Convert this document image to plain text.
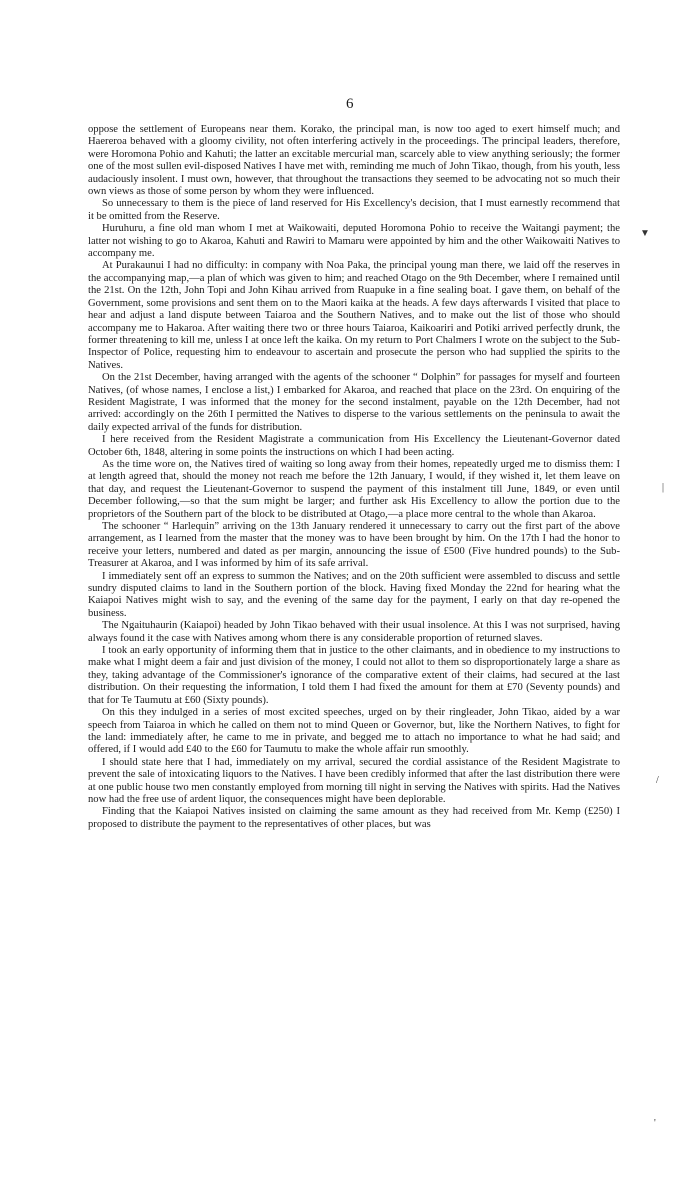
6

oppose the settlement of Europeans near them. Korako, the principal man, is now too aged to exert himself much; and Haereroa behaved with a gloomy civility, not often interfering actively in the proceedings. The principal leaders, therefore, were Horomona Pohio and Kahuti; the latter an excitable mercurial man, scarcely able to view anything seriously; the former one of the most sullen evil-disposed Natives I have met with, reminding me much of John Tikao, though, from his youth, less audaciously insolent. I must own, however, that throughout the transactions they seemed to be advocating not so much their own views as those of some person by whom they were influenced.

So unnecessary to them is the piece of land reserved for His Excellency's decision, that I must earnestly recommend that it be omitted from the Reserve.

Huruhuru, a fine old man whom I met at Waikowaiti, deputed Horomona Pohio to receive the Waitangi payment; the latter not wishing to go to Akaroa, Kahuti and Rawiri to Mamaru were appointed by him and the other Waikowaiti Natives to accompany me.

At Purakaunui I had no difficulty: in company with Noa Paka, the principal young man there, we laid off the reserves in the accompanying map,—a plan of which was given to him; and reached Otago on the 9th December, where I remained until the 21st. On the 12th, John Topi and John Kihau arrived from Ruapuke in a fine sealing boat. I gave them, on behalf of the Government, some provisions and sent them on to the Maori kaika at the heads. A few days afterwards I visited that place to hear and adjust a land dispute between Taiaroa and the Southern Natives, and to make out the list of those who should accompany me to Hakaroa. After waiting there two or three hours Taiaroa, Kaikoariri and Potiki arrived perfectly drunk, the former threatening to kill me, unless I at once left the kaika. On my return to Port Chalmers I wrote on the subject to the Sub-Inspector of Police, requesting him to endeavour to ascertain and prosecute the person who had supplied the spirits to the Natives.

On the 21st December, having arranged with the agents of the schooner “ Dolphin” for passages for myself and fourteen Natives, (of whose names, I enclose a list,) I embarked for Akaroa, and reached that place on the 23rd. On enquiring of the Resident Magistrate, I was informed that the money for the second instalment, payable on the 12th December, had not arrived: accordingly on the 26th I permitted the Natives to disperse to the various settlements on the peninsula to await the daily expected arrival of the funds for distribution.

I here received from the Resident Magistrate a communication from His Excellency the Lieutenant-Governor dated October 6th, 1848, altering in some points the instructions on which I had been acting.

As the time wore on, the Natives tired of waiting so long away from their homes, repeatedly urged me to dismiss them: I at length agreed that, should the money not reach me before the 12th January, I would, if they wished it, let them leave on that day, and request the Lieutenant-Governor to suspend the payment of this instalment till June, 1849, or even until December following,—so that the sum might be larger; and further ask His Excellency to allow the portion due to the proprietors of the Southern part of the block to be distributed at Otago,—a place more central to the whole than Akaroa.

The schooner “ Harlequin” arriving on the 13th January rendered it unnecessary to carry out the first part of the above arrangement, as I learned from the master that the money was to have been brought by him. On the 17th I had the honor to receive your letters, numbered and dated as per margin, announcing the issue of £500 (Five hundred pounds) to the Sub-Treasurer at Akaroa, and I was informed by him of its safe arrival.

I immediately sent off an express to summon the Natives; and on the 20th sufficient were assembled to discuss and settle sundry disputed claims to land in the Southern portion of the block. Having fixed Monday the 22nd for hearing what the Kaiapoi Natives might wish to say, and the evening of the same day for the payment, I early on that day re-opened the business.

The Ngaituhaurin (Kaiapoi) headed by John Tikao behaved with their usual insolence. At this I was not surprised, having always found it the case with Natives among whom there is any considerable proportion of returned slaves.

I took an early opportunity of informing them that in justice to the other claimants, and in obedience to my instructions to make what I might deem a fair and just division of the money, I could not allot to them so disproportionately large a share as they, taking advantage of the Commissioner's ignorance of the comparative extent of their claims, had secured at the last distribution. On their requesting the information, I told them I had fixed the amount for them at £70 (Seventy pounds) and that for Te Taumutu at £60 (Sixty pounds).

On this they indulged in a series of most excited speeches, urged on by their ringleader, John Tikao, aided by a war speech from Taiaroa in which he called on them not to mind Queen or Governor, but, like the Northern Natives, to fight for the land: immediately after, he came to me in private, and begged me to attach no importance to what he had said; and offered, if I would add £40 to the £60 for Taumutu to make the whole affair run smoothly.

I should state here that I had, immediately on my arrival, secured the cordial assistance of the Resident Magistrate to prevent the sale of intoxicating liquors to the Natives. I have been credibly informed that after the last distribution there were at one public house two men constantly employed from morning till night in serving the Natives with spirits. Had the Natives now had the free use of ardent liquor, the consequences might have been deplorable.

Finding that the Kaiapoi Natives insisted on claiming the same amount as they had received from Mr. Kemp (£250) I proposed to distribute the payment to the representatives of other places, but was

▼
|
/
'
